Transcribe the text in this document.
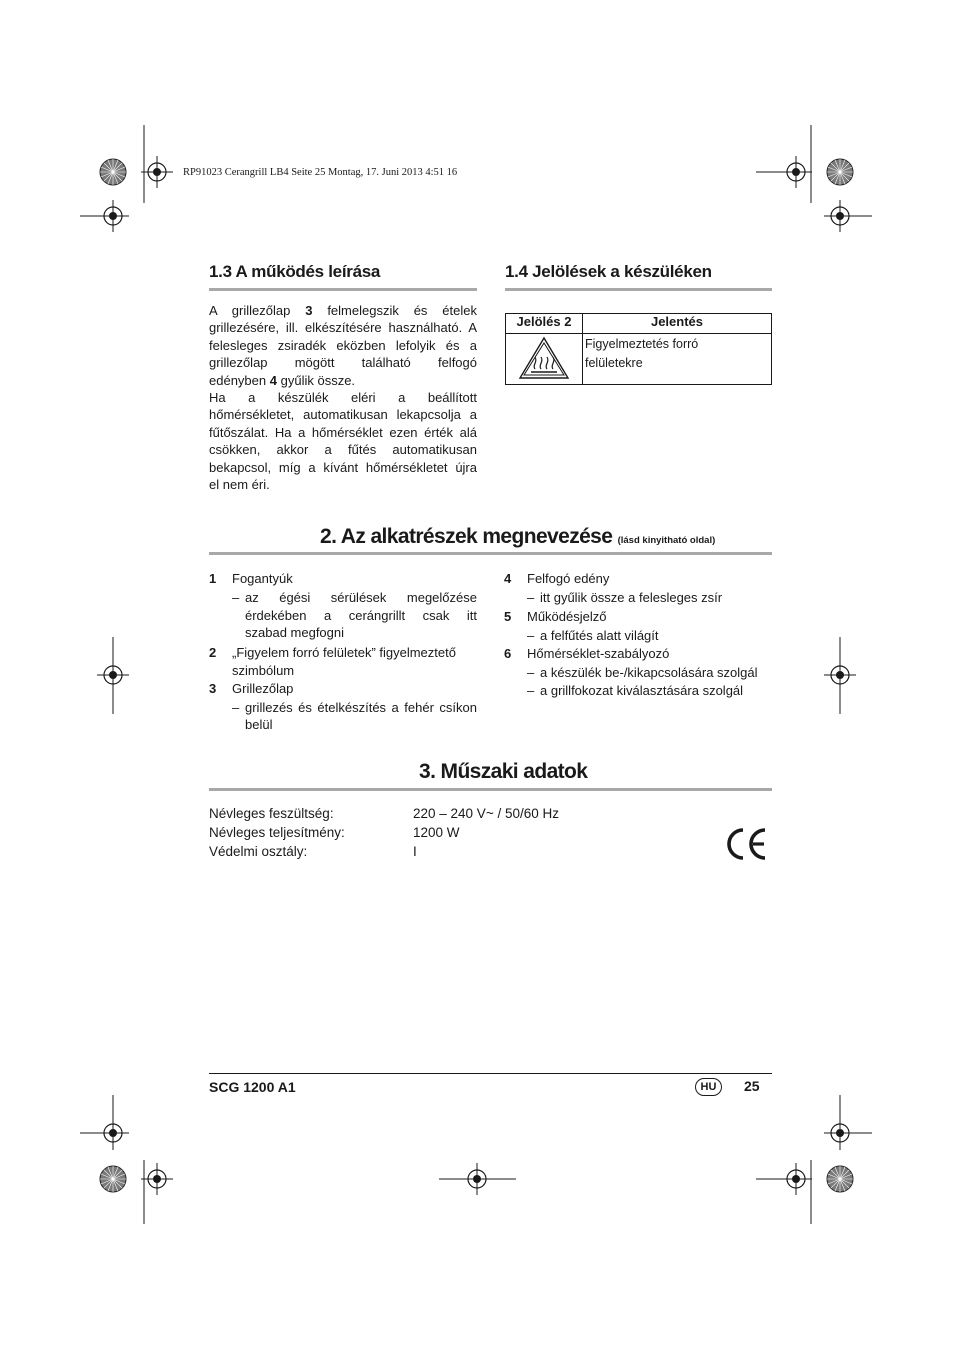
RP91023 Cerangrill LB4 Seite 25 Montag, 17. Juni 2013 4:51 16
1.3 A működés leírása
A grillezőlap 3 felmelegszik és ételek
grillezésére, ill. elkészítésére használható. A
felesleges zsiradék eközben lefolyik és a
grillezőlap mögött található felfogó
edényben 4 gyűlik össze.
Ha a készülék eléri a beállított
hőmérsékletet, automatikusan lekapcsolja a
fűtőszálat. Ha a hőmérséklet ezen érték alá
csökken, akkor a fűtés automatikusan
bekapcsol, míg a kívánt hőmérsékletet újra
el nem éri.
1.4 Jelölések a készüléken
Jelölés 2	Jelentés

Figyelmeztetés forró
felületekre
2. Az alkatrészek megnevezése (lásd kinyitható oldal)
1 Fogantyúk
– az égési sérülések megelőzése
érdekében a cerángrillt csak itt
szabad megfogni
2 „Figyelem forró felületek” figyelmeztető
szimbólum
3 Grillezőlap
– grillezés és ételkészítés a fehér csíkon
belül
4 Felfogó edény
– itt gyűlik össze a felesleges zsír
5 Működésjelző
– a felfűtés alatt világít
6 Hőmérséklet-szabályozó
– a készülék be-/kikapcsolására szolgál
– a grillfokozat kiválasztására szolgál
3. Műszaki adatok
Névleges feszültség:	220 – 240 V~ / 50/60 Hz
Névleges teljesítmény:	1200 W
Védelmi osztály:	I
SCG 1200 A1	HU	25
